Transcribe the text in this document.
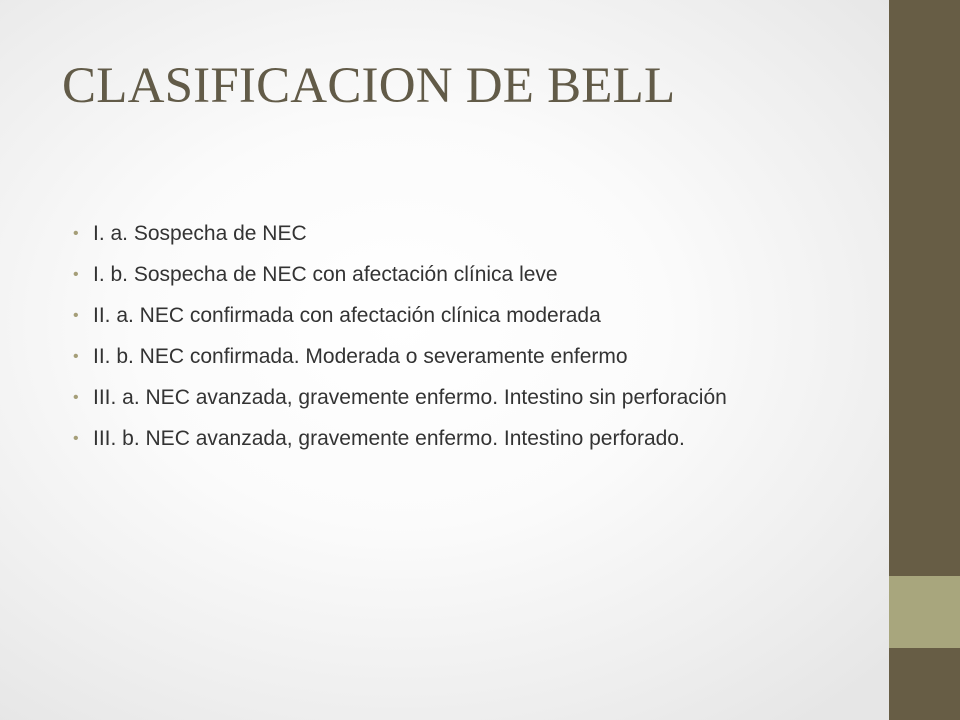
CLASIFICACION DE BELL
• I. a. Sospecha de NEC
• I. b. Sospecha de NEC con afectación clínica leve
• II. a. NEC confirmada con afectación clínica moderada
• II. b. NEC confirmada. Moderada o severamente enfermo
• III. a. NEC avanzada, gravemente enfermo. Intestino sin perforación
• III. b. NEC avanzada, gravemente enfermo. Intestino perforado.
